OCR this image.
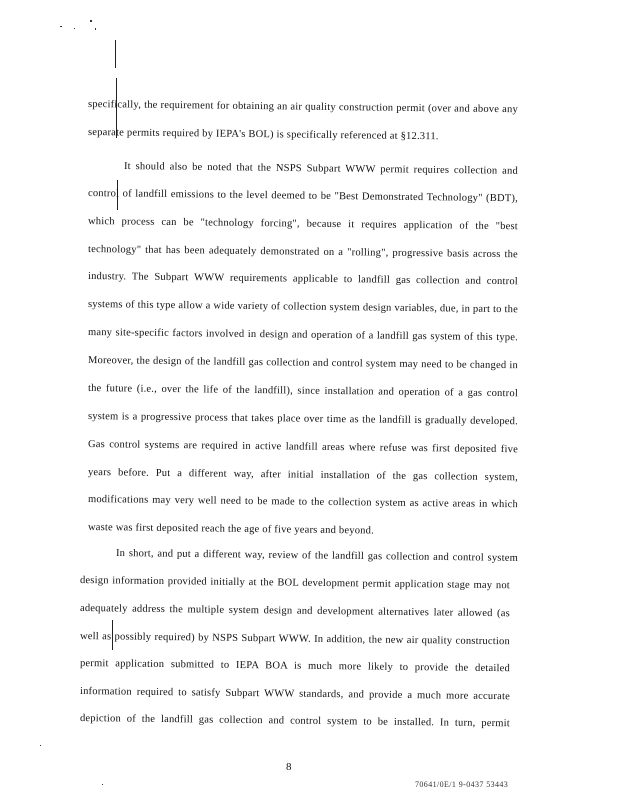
specifically, the requirement for obtaining an air quality construction permit (over and above any
separate permits required by IEPA's BOL) is specifically referenced at §12.311.
It should also be noted that the NSPS Subpart WWW permit requires collection and
control of landfill emissions to the level deemed to be "Best Demonstrated Technology" (BDT),
which process can be "technology forcing", because it requires application of the "best
technology" that has been adequately demonstrated on a "rolling", progressive basis across the
industry. The Subpart WWW requirements applicable to landfill gas collection and control
systems of this type allow a wide variety of collection system design variables, due, in part to the
many site-specific factors involved in design and operation of a landfill gas system of this type.
Moreover, the design of the landfill gas collection and control system may need to be changed in
the future (i.e., over the life of the landfill), since installation and operation of a gas control
system is a progressive process that takes place over time as the landfill is gradually developed.
Gas control systems are required in active landfill areas where refuse was first deposited five
years before. Put a different way, after initial installation of the gas collection system,
modifications may very well need to be made to the collection system as active areas in which
waste was first deposited reach the age of five years and beyond.
In short, and put a different way, review of the landfill gas collection and control system
design information provided initially at the BOL development permit application stage may not
adequately address the multiple system design and development alternatives later allowed (as
well as possibly required) by NSPS Subpart WWW. In addition, the new air quality construction
permit application submitted to IEPA BOA is much more likely to provide the detailed
information required to satisfy Subpart WWW standards, and provide a much more accurate
depiction of the landfill gas collection and control system to be installed. In turn, permit
8
70641/0E/1 9-0437 53443
